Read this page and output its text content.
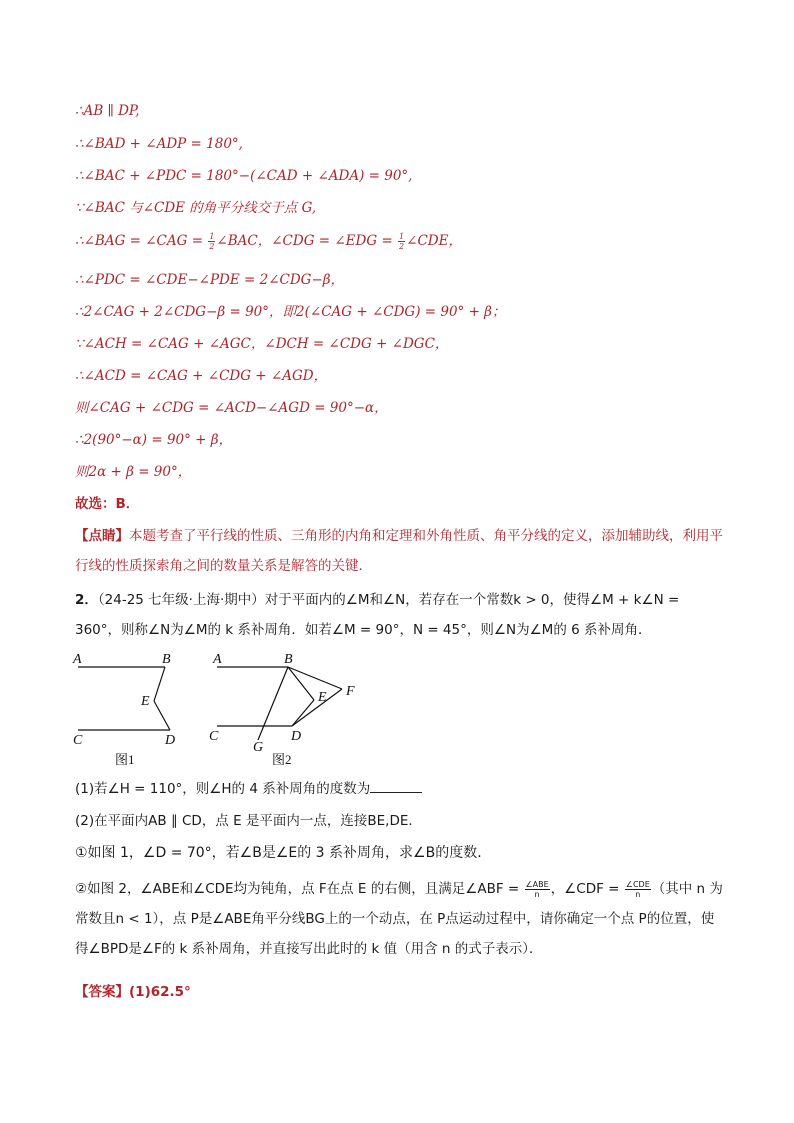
∴AB ∥ DP,
∴∠BAD + ∠ADP = 180°,
∴∠BAC + ∠PDC = 180°−(∠CAD + ∠ADA) = 90°,
∵∠BAC 与∠CDE 的角平分线交于点 G,
∴∠BAG = ∠CAG = $\frac{1}{2}$ ∠BAC，∠CDG = ∠EDG = $\frac{1}{2}$ ∠CDE，
∴∠PDC = ∠CDE−∠PDE = 2∠CDG−β，
∴2∠CAG + 2∠CDG−β = 90°，即2(∠CAG + ∠CDG) = 90° + β；
∵∠ACH = ∠CAG + ∠AGC，∠DCH = ∠CDG + ∠DGC，
∴∠ACD = ∠CAG + ∠CDG + ∠AGD，
则∠CAG + ∠CDG = ∠ACD−∠AGD = 90°−α，
∴2(90°−α) = 90° + β，
则2α + β = 90°，
故选：B．
【点睛】本题考查了平行线的性质、三角形的内角和定理和外角性质、角平分线的定义，添加辅助线，利用平行线的性质探索角之间的数量关系是解答的关键．
2．（24-25 七年级·上海·期中）对于平面内的∠M和∠N，若存在一个常数k > 0，使得∠M + k∠N = 360°，则称∠N为∠M的 k 系补周角．如若∠M = 90°，N = 45°，则∠N为∠M的 6 系补周角．
A	B
E
C	D
图1
A	B
E F
C	D
G
图2
(1)若∠H = 110°，则∠H的 4 系补周角的度数为
(2)在平面内AB ∥ CD，点 E 是平面内一点，连接BE,DE．
①如图 1，∠D = 70°，若∠B是∠E的 3 系补周角，求∠B的度数．
②如图 2，∠ABE和∠CDE均为钝角，点 F在点 E 的右侧，且满足∠ABF = $\frac{\text{∠ABE}}{n}$ ，∠CDF = $\frac{\text{∠CDE}}{n}$ （其中 n 为常数且n < 1），点 P是∠ABE角平分线BG上的一个动点，在 P点运动过程中，请你确定一个点 P的位置，使得∠BPD是∠F的 k 系补周角，并直接写出此时的 k 值（用含 n 的式子表示）．
【答案】(1)62.5°
